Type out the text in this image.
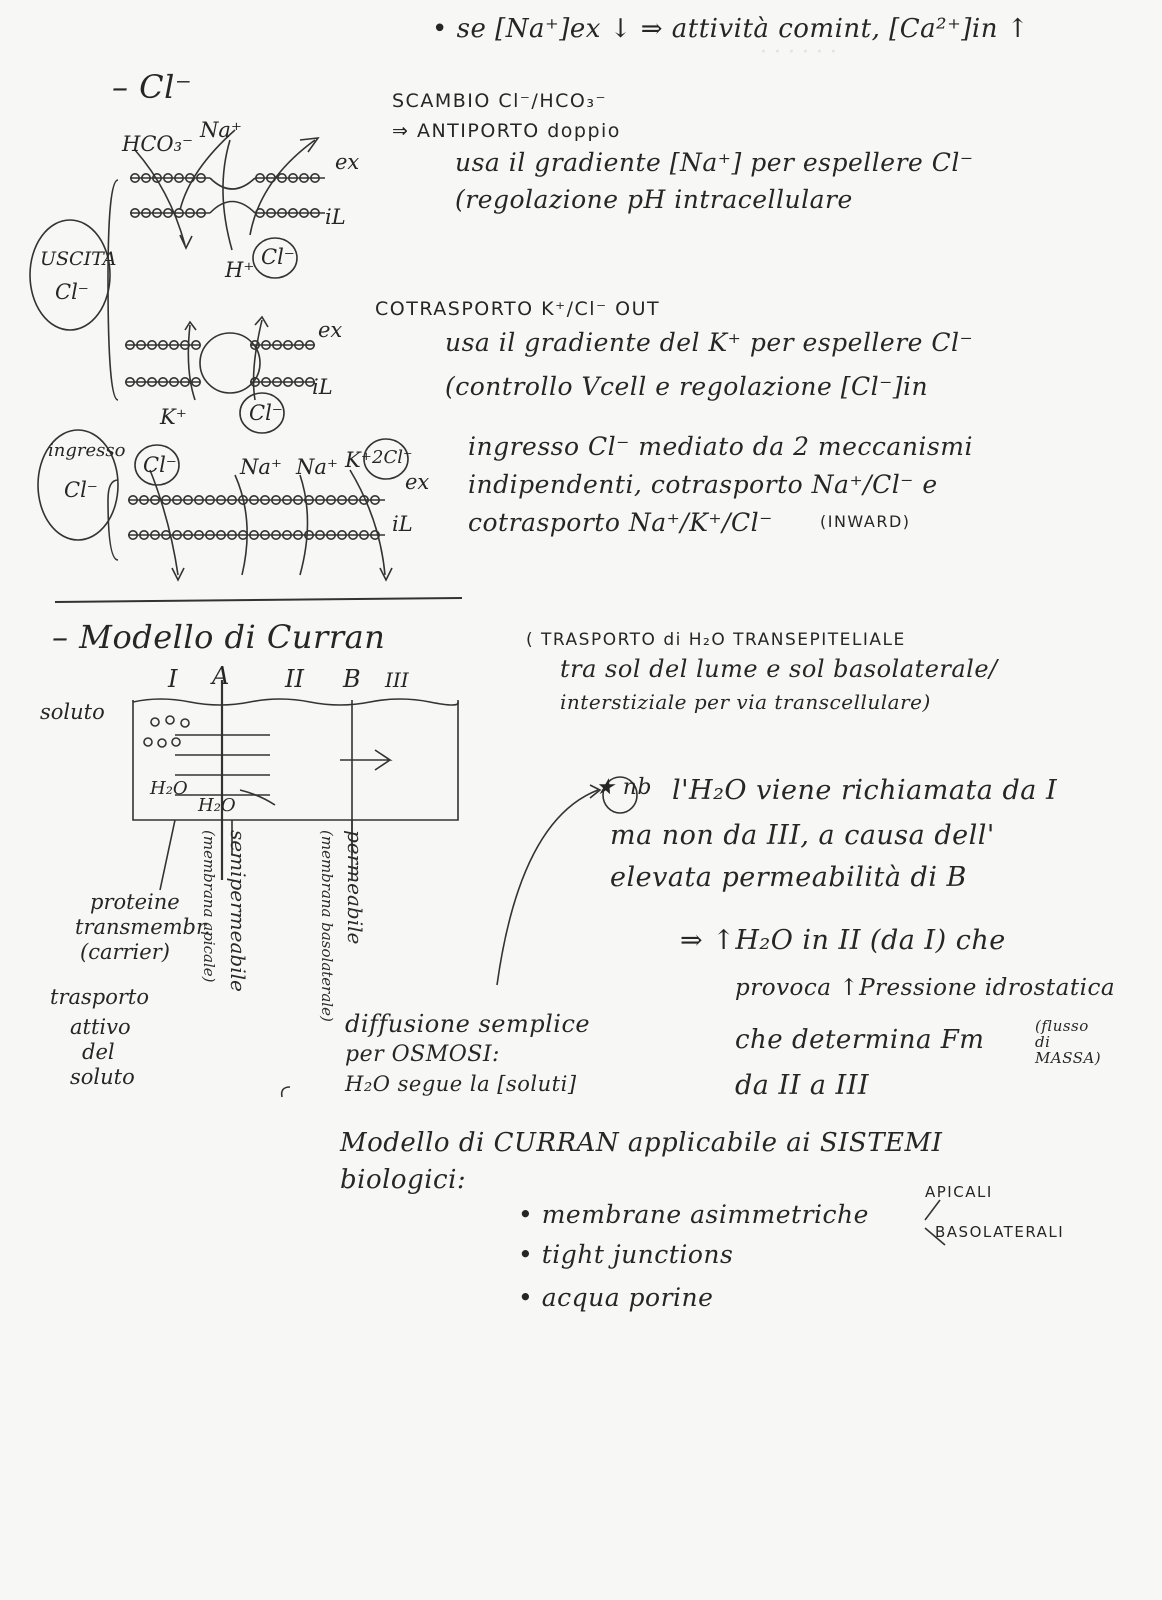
· · · · · ·
• se [Na⁺]ex ↓ ⇒ attività comint, [Ca²⁺]in ↑
– Cl⁻	SCAMBIO Cl⁻/HCO₃⁻
⇒ ANTIPORTO doppio
usa il gradiente [Na⁺] per espellere Cl⁻
(regolazione pH intracellulare
HCO₃⁻
Na⁺
ex
iL
H⁺
Cl⁻
USCITA
Cl⁻
COTRASPORTO K⁺/Cl⁻ OUT
usa il gradiente del K⁺ per espellere Cl⁻
(controllo Vcell e regolazione [Cl⁻]in
ex
iL
K⁺	Cl⁻
ingresso
Cl⁻
Cl⁻	Na⁺ Na⁺ K⁺ 2Cl⁻
ex
iL
ingresso Cl⁻ mediato da 2 meccanismi
indipendenti, cotrasporto Na⁺/Cl⁻ e
cotrasporto Na⁺/K⁺/Cl⁻	(INWARD)
– Modello di Curran	( TRASPORTO di H₂O TRANSEPITELIALE
tra sol del lume e sol basolaterale/
interstiziale per via transcellulare)
I A II B III
soluto
H₂O
H₂O
proteine
transmembr.
(carrier)
trasporto
attivo
del
soluto
semipermeabile
(membrana apicale)	permeabile
(membrana basolaterale)
diffusione semplice
per OSMOSI:
H₂O segue la [soluti]
★ nb l'H₂O viene richiamata da I
ma non da III, a causa dell'
elevata permeabilità di B
⇒ ↑H₂O in II (da I) che
provoca ↑Pressione idrostatica
che determina Fm	(flusso di MASSA)
da II a III
Modello di CURRAN applicabile ai SISTEMI
biologici:
• membrane asimmetriche
APICALI
BASOLATERALI
• tight junctions
• acqua porine
